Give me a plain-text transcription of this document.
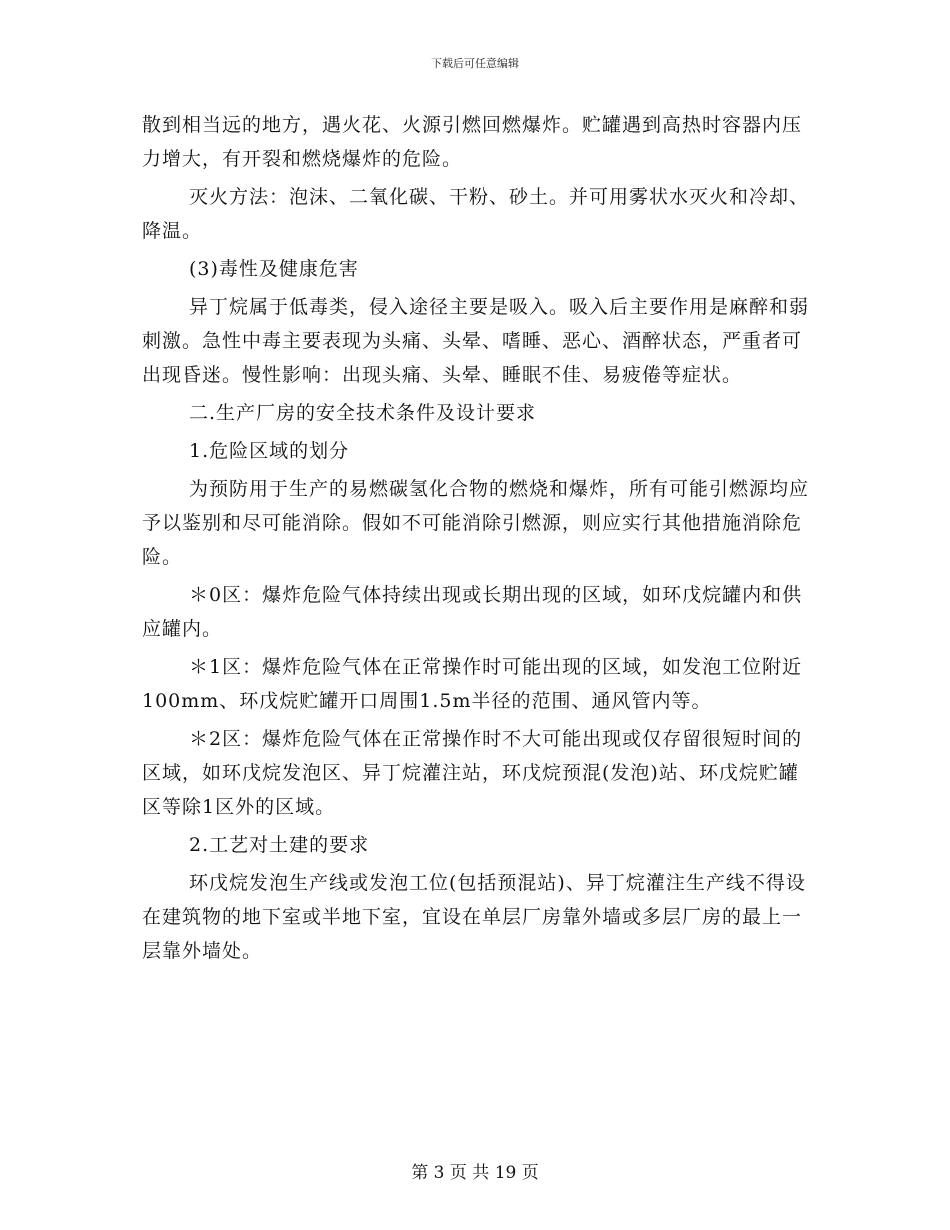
下载后可任意编辑

散到相当远的地方，遇火花、火源引燃回燃爆炸。贮罐遇到高热时容器内压力增大，有开裂和燃烧爆炸的危险。

灭火方法：泡沫、二氧化碳、干粉、砂土。并可用雾状水灭火和冷却、降温。

(3)毒性及健康危害

异丁烷属于低毒类，侵入途径主要是吸入。吸入后主要作用是麻醉和弱刺激。急性中毒主要表现为头痛、头晕、嗜睡、恶心、酒醉状态，严重者可出现昏迷。慢性影响：出现头痛、头晕、睡眠不佳、易疲倦等症状。

二.生产厂房的安全技术条件及设计要求

1.危险区域的划分

为预防用于生产的易燃碳氢化合物的燃烧和爆炸，所有可能引燃源均应予以鉴别和尽可能消除。假如不可能消除引燃源，则应实行其他措施消除危险。

＊0区：爆炸危险气体持续出现或长期出现的区域，如环戊烷罐内和供应罐内。

＊1区：爆炸危险气体在正常操作时可能出现的区域，如发泡工位附近100mm、环戊烷贮罐开口周围1.5m半径的范围、通风管内等。

＊2区：爆炸危险气体在正常操作时不大可能出现或仅存留很短时间的区域，如环戊烷发泡区、异丁烷灌注站，环戊烷预混(发泡)站、环戊烷贮罐区等除1区外的区域。

2.工艺对土建的要求

环戊烷发泡生产线或发泡工位(包括预混站)、异丁烷灌注生产线不得设在建筑物的地下室或半地下室，宜设在单层厂房靠外墙或多层厂房的最上一层靠外墙处。

第 3 页 共 19 页
